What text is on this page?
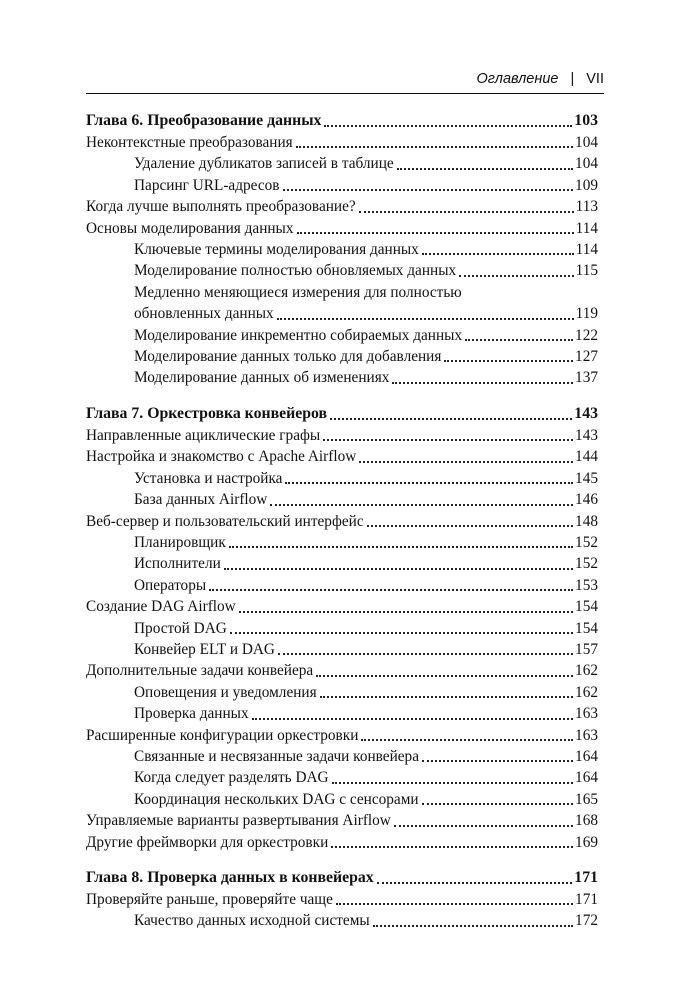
Оглавление | VII
Глава 6. Преобразование данных	103
Неконтекстные преобразования	104
Удаление дубликатов записей в таблице	104
Парсинг URL-адресов	109
Когда лучше выполнять преобразование?	113
Основы моделирования данных	114
Ключевые термины моделирования данных	114
Моделирование полностью обновляемых данных	115
Медленно меняющиеся измерения для полностью
обновленных данных	119
Моделирование инкрементно собираемых данных	122
Моделирование данных только для добавления	127
Моделирование данных об изменениях	137
Глава 7. Оркестровка конвейеров	143
Направленные ациклические графы	143
Настройка и знакомство с Apache Airflow	144
Установка и настройка	145
База данных Airflow	146
Веб-сервер и пользовательский интерфейс	148
Планировщик	152
Исполнители	152
Операторы	153
Создание DAG Airflow	154
Простой DAG	154
Конвейер ELT и DAG	157
Дополнительные задачи конвейера	162
Оповещения и уведомления	162
Проверка данных	163
Расширенные конфигурации оркестровки	163
Связанные и несвязанные задачи конвейера	164
Когда следует разделять DAG	164
Координация нескольких DAG с сенсорами	165
Управляемые варианты развертывания Airflow	168
Другие фреймворки для оркестровки	169
Глава 8. Проверка данных в конвейерах	171
Проверяйте раньше, проверяйте чаще	171
Качество данных исходной системы	172
